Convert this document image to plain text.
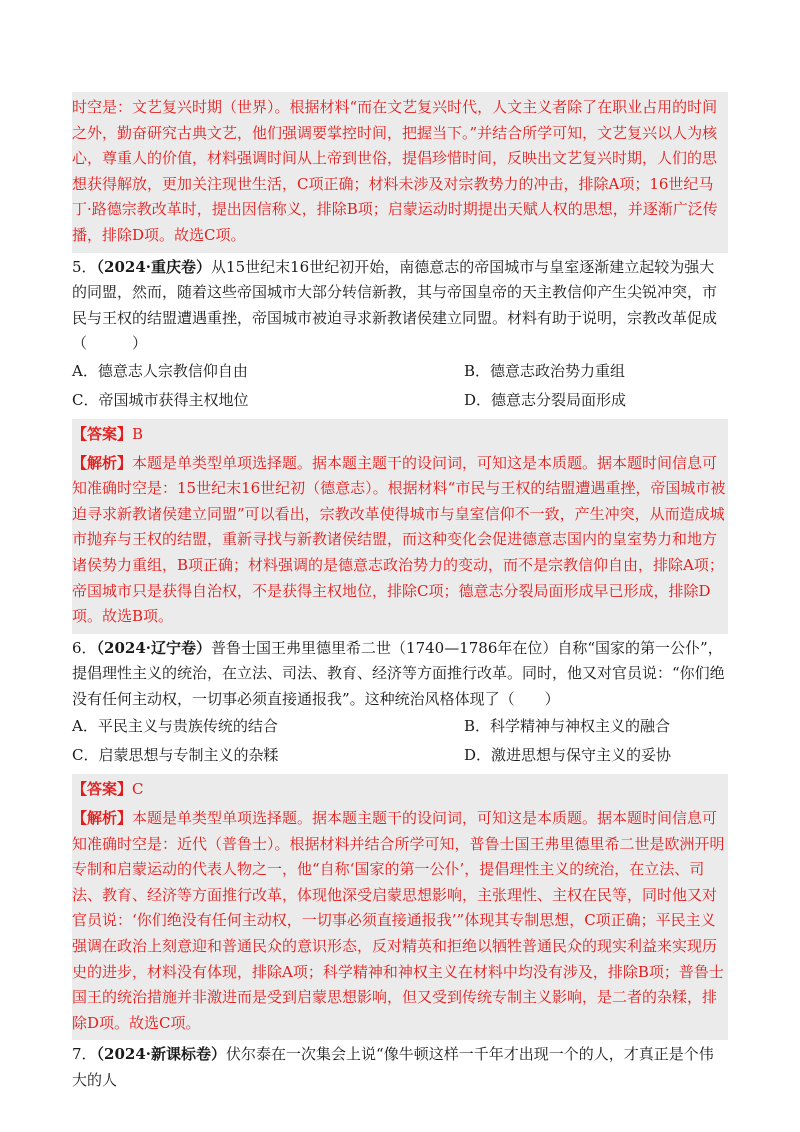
时空是：文艺复兴时期（世界）。根据材料“而在文艺复兴时代，人文主义者除了在职业占用的时间之外，勤奋研究古典文艺，他们强调要掌控时间，把握当下。”并结合所学可知，文艺复兴以人为核心，尊重人的价值，材料强调时间从上帝到世俗，提倡珍惜时间，反映出文艺复兴时期，人们的思想获得解放，更加关注现世生活，C项正确；材料未涉及对宗教势力的冲击，排除A项；16世纪马丁·路德宗教改革时，提出因信称义，排除B项；启蒙运动时期提出天赋人权的思想，并逐渐广泛传播，排除D项。故选C项。

5．（2024·重庆卷）从15世纪末16世纪初开始，南德意志的帝国城市与皇室逐渐建立起较为强大的同盟，然而，随着这些帝国城市大部分转信新教，其与帝国皇帝的天主教信仰产生尖锐冲突，市民与王权的结盟遭遇重挫，帝国城市被迫寻求新教诸侯建立同盟。材料有助于说明，宗教改革促成（　　　）

A．德意志人宗教信仰自由	B．德意志政治势力重组
C．帝国城市获得主权地位	D．德意志分裂局面形成
【答案】B

【解析】本题是单类型单项选择题。据本题主题干的设问词，可知这是本质题。据本题时间信息可知准确时空是：15世纪末16世纪初（德意志）。根据材料“市民与王权的结盟遭遇重挫，帝国城市被迫寻求新教诸侯建立同盟”可以看出，宗教改革使得城市与皇室信仰不一致，产生冲突，从而造成城市抛弃与王权的结盟，重新寻找与新教诸侯结盟，而这种变化会促进德意志国内的皇室势力和地方诸侯势力重组，B项正确；材料强调的是德意志政治势力的变动，而不是宗教信仰自由，排除A项；帝国城市只是获得自治权，不是获得主权地位，排除C项；德意志分裂局面形成早已形成，排除D项。故选B项。

6．（2024·辽宁卷）普鲁士国王弗里德里希二世（1740—1786年在位）自称“国家的第一公仆”，提倡理性主义的统治，在立法、司法、教育、经济等方面推行改革。同时，他又对官员说：“你们绝没有任何主动权，一切事必须直接通报我”。这种统治风格体现了（　　）

A．平民主义与贵族传统的结合	B．科学精神与神权主义的融合
C．启蒙思想与专制主义的杂糅	D．激进思想与保守主义的妥协
【答案】C

【解析】本题是单类型单项选择题。据本题主题干的设问词，可知这是本质题。据本题时间信息可知准确时空是：近代（普鲁士）。根据材料并结合所学可知，普鲁士国王弗里德里希二世是欧洲开明专制和启蒙运动的代表人物之一，他“自称‘国家的第一公仆’，提倡理性主义的统治，在立法、司法、教育、经济等方面推行改革，体现他深受启蒙思想影响，主张理性、主权在民等，同时他又对官员说：‘你们绝没有任何主动权，一切事必须直接通报我’”体现其专制思想，C项正确；平民主义强调在政治上刻意迎和普通民众的意识形态，反对精英和拒绝以牺牲普通民众的现实利益来实现历史的进步，材料没有体现，排除A项；科学精神和神权主义在材料中均没有涉及，排除B项；普鲁士国王的统治措施并非激进而是受到启蒙思想影响，但又受到传统专制主义影响，是二者的杂糅，排除D项。故选C项。

7．（2024·新课标卷）伏尔泰在一次集会上说“像牛顿这样一千年才出现一个的人，才真正是个伟大的人
